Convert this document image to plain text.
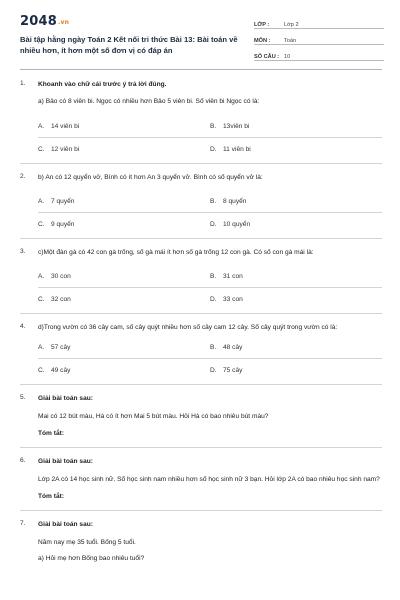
2048.vn
Bài tập hằng ngày Toán 2 Kết nối tri thức Bài 13: Bài toán về nhiều hơn, ít hơn một số đơn vị có đáp án
LỚP :	Lớp 2
MÔN :	Toán
SỐ CÂU : 10
1. Khoanh vào chữ cái trước ý trả lời đúng.
a) Bảo có 8 viên bi. Ngọc có nhiều hơn Bảo 5 viên bi. Số viên bi Ngọc có là:
A.	14 viên bi	B.	13viên bi
C. 12 viên bi	D. 11 viên bi
2. b) An có 12 quyển vở, Bình có ít hơn An 3 quyển vở. Bình có số quyển vở là:
A.	7 quyển	B.	8 quyển
C. 9 quyển	D. 10 quyển
3. c)Một đàn gà có 42 con gà trống, số gà mái ít hơn số gà trống 12 con gà. Có số con gà mái là:
A.	30 con	B.	31 con
C. 32 con	D. 33 con
4. d)Trong vườn có 36 cây cam, số cây quýt nhiều hơn số cây cam 12 cây. Số cây quýt trong vườn có là:
A.	57 cây	B.	48 cây
C. 49 cây	D. 75 cây
5. Giải bài toán sau:
Mai có 12 bút màu, Hà có ít hơn Mai 5 bút màu. Hỏi Hà có bao nhiêu bút màu?
Tóm tắt:
6. Giải bài toán sau:
Lớp 2A có 14 học sinh nữ. Số học sinh nam nhiều hơn số học sinh nữ 3 bạn. Hỏi lớp 2A có bao nhiêu học sinh nam?
Tóm tắt:
7. Giải bài toán sau:
Năm nay mẹ 35 tuổi. Bống 5 tuổi.
a) Hỏi mẹ hơn Bống bao nhiêu tuổi?
